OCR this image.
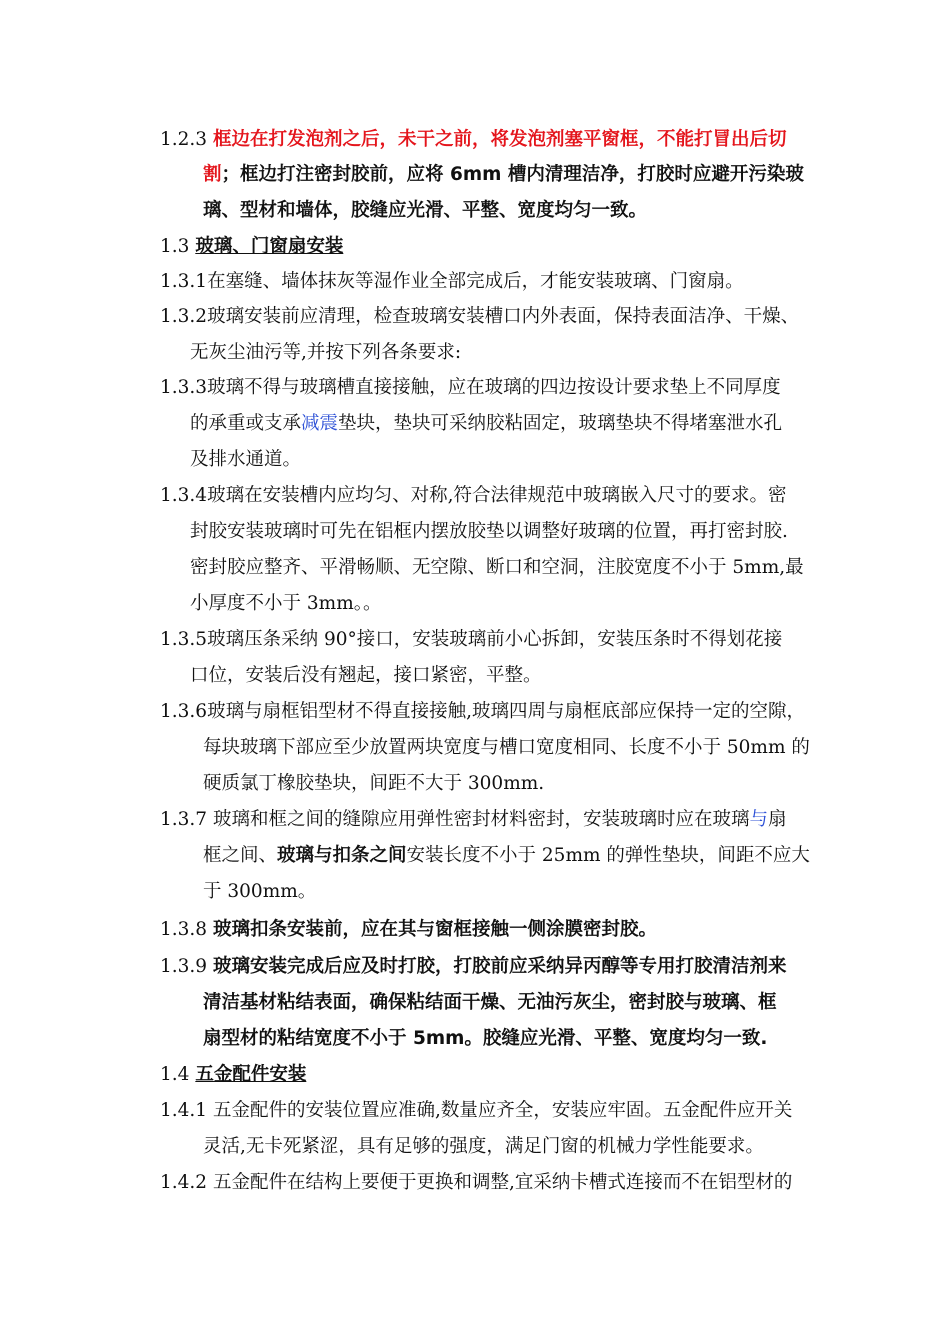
1.2.3 框边在打发泡剂之后，未干之前，将发泡剂塞平窗框，不能打冒出后切
割；框边打注密封胶前，应将 6mm 槽内清理洁净，打胶时应避开污染玻
璃、型材和墙体，胶缝应光滑、平整、宽度均匀一致。
1.3 玻璃、门窗扇安装
1.3.1在塞缝、墙体抹灰等湿作业全部完成后，才能安装玻璃、门窗扇。
1.3.2玻璃安装前应清理，检查玻璃安装槽口内外表面，保持表面洁净、干燥、
无灰尘油污等,并按下列各条要求:
1.3.3玻璃不得与玻璃槽直接接触，应在玻璃的四边按设计要求垫上不同厚度
的承重或支承减震垫块，垫块可采纳胶粘固定，玻璃垫块不得堵塞泄水孔
及排水通道。
1.3.4玻璃在安装槽内应均匀、对称,符合法律规范中玻璃嵌入尺寸的要求。密
封胶安装玻璃时可先在铝框内摆放胶垫以调整好玻璃的位置，再打密封胶.
密封胶应整齐、平滑畅顺、无空隙、断口和空洞，注胶宽度不小于 5mm,最
小厚度不小于 3mm。。
1.3.5玻璃压条采纳 90°接口，安装玻璃前小心拆卸，安装压条时不得划花接
口位，安装后没有翘起，接口紧密，平整。
1.3.6玻璃与扇框铝型材不得直接接触,玻璃四周与扇框底部应保持一定的空隙，
每块玻璃下部应至少放置两块宽度与槽口宽度相同、长度不小于 50mm 的
硬质氯丁橡胶垫块，间距不大于 300mm.
1.3.7 玻璃和框之间的缝隙应用弹性密封材料密封，安装玻璃时应在玻璃与扇
框之间、玻璃与扣条之间安装长度不小于 25mm 的弹性垫块，间距不应大
于 300mm。
1.3.8 玻璃扣条安装前，应在其与窗框接触一侧涂膜密封胶。
1.3.9 玻璃安装完成后应及时打胶，打胶前应采纳异丙醇等专用打胶清洁剂来
清洁基材粘结表面，确保粘结面干燥、无油污灰尘，密封胶与玻璃、框
扇型材的粘结宽度不小于 5mm。胶缝应光滑、平整、宽度均匀一致.
1.4 五金配件安装
1.4.1 五金配件的安装位置应准确,数量应齐全，安装应牢固。五金配件应开关
灵活,无卡死紧涩，具有足够的强度，满足门窗的机械力学性能要求。
1.4.2 五金配件在结构上要便于更换和调整,宜采纳卡槽式连接而不在铝型材的
